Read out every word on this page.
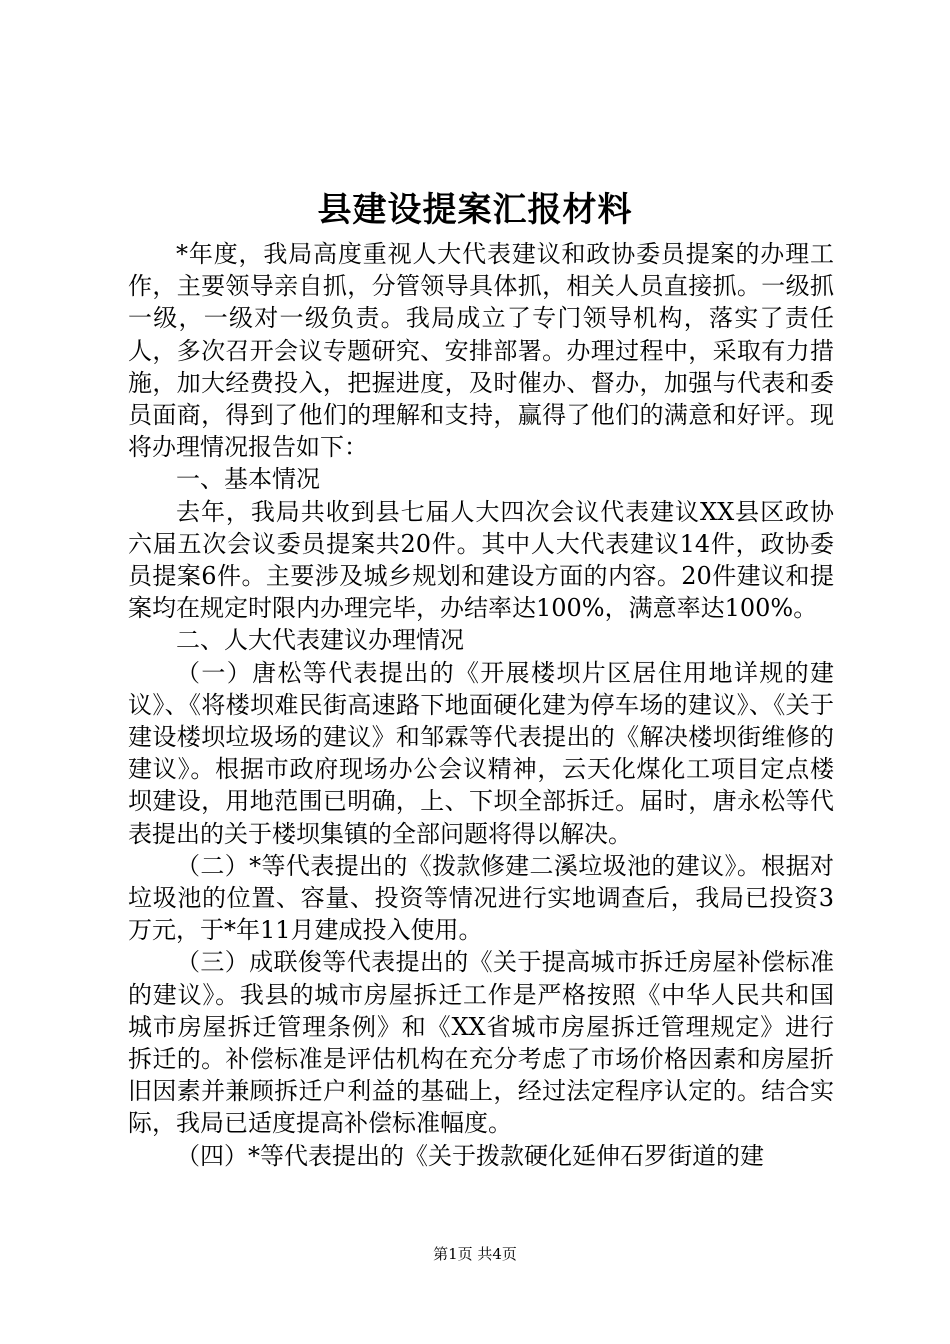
县建设提案汇报材料

*年度，我局高度重视人大代表建议和政协委员提案的办理工作，主要领导亲自抓，分管领导具体抓，相关人员直接抓。一级抓一级，一级对一级负责。我局成立了专门领导机构，落实了责任人，多次召开会议专题研究、安排部署。办理过程中，采取有力措施，加大经费投入，把握进度，及时催办、督办，加强与代表和委员面商，得到了他们的理解和支持，赢得了他们的满意和好评。现将办理情况报告如下：

一、基本情况

去年，我局共收到县七届人大四次会议代表建议XX县区政协六届五次会议委员提案共20件。其中人大代表建议14件，政协委员提案6件。主要涉及城乡规划和建设方面的内容。20件建议和提案均在规定时限内办理完毕，办结率达100%，满意率达100%。

二、人大代表建议办理情况

（一）唐松等代表提出的《开展楼坝片区居住用地详规的建议》、《将楼坝难民街高速路下地面硬化建为停车场的建议》、《关于建设楼坝垃圾场的建议》和邹霖等代表提出的《解决楼坝街维修的建议》。根据市政府现场办公会议精神，云天化煤化工项目定点楼坝建设，用地范围已明确，上、下坝全部拆迁。届时，唐永松等代表提出的关于楼坝集镇的全部问题将得以解决。

（二）*等代表提出的《拨款修建二溪垃圾池的建议》。根据对垃圾池的位置、容量、投资等情况进行实地调查后，我局已投资3万元，于*年11月建成投入使用。

（三）成联俊等代表提出的《关于提高城市拆迁房屋补偿标准的建议》。我县的城市房屋拆迁工作是严格按照《中华人民共和国城市房屋拆迁管理条例》和《XX省城市房屋拆迁管理规定》进行拆迁的。补偿标准是评估机构在充分考虑了市场价格因素和房屋折旧因素并兼顾拆迁户利益的基础上，经过法定程序认定的。结合实际，我局已适度提高补偿标准幅度。

（四）*等代表提出的《关于拨款硬化延伸石罗街道的建

第1页 共4页
